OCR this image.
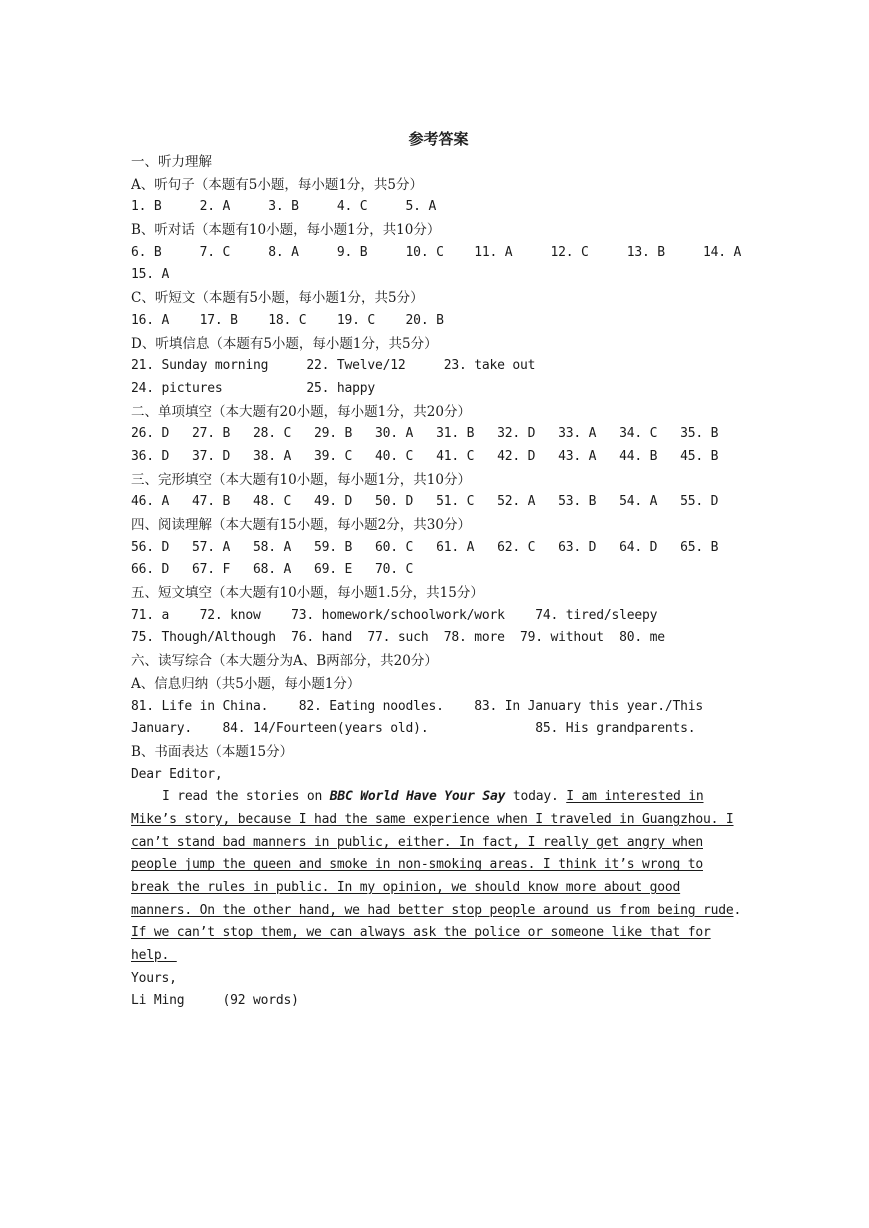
参考答案
一、听力理解
A、听句子（本题有5小题，每小题1分，共5分）
1. B     2. A     3. B     4. C     5. A
B、听对话（本题有10小题，每小题1分，共10分）
6. B     7. C     8. A     9. B     10. C    11. A     12. C     13. B     14. A
15. A
C、听短文（本题有5小题，每小题1分，共5分）
16. A    17. B    18. C    19. C    20. B
D、听填信息（本题有5小题，每小题1分，共5分）
21. Sunday morning     22. Twelve/12     23. take out
24. pictures           25. happy
二、单项填空（本大题有20小题，每小题1分，共20分）
26. D   27. B   28. C   29. B   30. A   31. B   32. D   33. A   34. C   35. B
36. D   37. D   38. A   39. C   40. C   41. C   42. D   43. A   44. B   45. B
三、完形填空（本大题有10小题，每小题1分，共10分）
46. A   47. B   48. C   49. D   50. D   51. C   52. A   53. B   54. A   55. D
四、阅读理解（本大题有15小题，每小题2分，共30分）
56. D   57. A   58. A   59. B   60. C   61. A   62. C   63. D   64. D   65. B
66. D   67. F   68. A   69. E   70. C
五、短文填空（本大题有10小题，每小题1.5分，共15分）
71. a    72. know    73. homework/schoolwork/work    74. tired/sleepy
75. Though/Although  76. hand  77. such  78. more  79. without  80. me
六、读写综合（本大题分为A、B两部分，共20分）
A、信息归纳（共5小题，每小题1分）
81. Life in China.    82. Eating noodles.    83. In January this year./This
January.    84. 14/Fourteen(years old).              85. His grandparents.
B、书面表达（本题15分）
Dear Editor,
I read the stories on BBC World Have Your Say today. I am interested in
Mike’s story, because I had the same experience when I traveled in Guangzhou. I
can’t stand bad manners in public, either. In fact, I really get angry when
people jump the queen and smoke in non-smoking areas. I think it’s wrong to
break the rules in public. In my opinion, we should know more about good
manners. On the other hand, we had better stop people around us from being rude.
If we can’t stop them, we can always ask the police or someone like that for
help.
Yours,
Li Ming     (92 words)
